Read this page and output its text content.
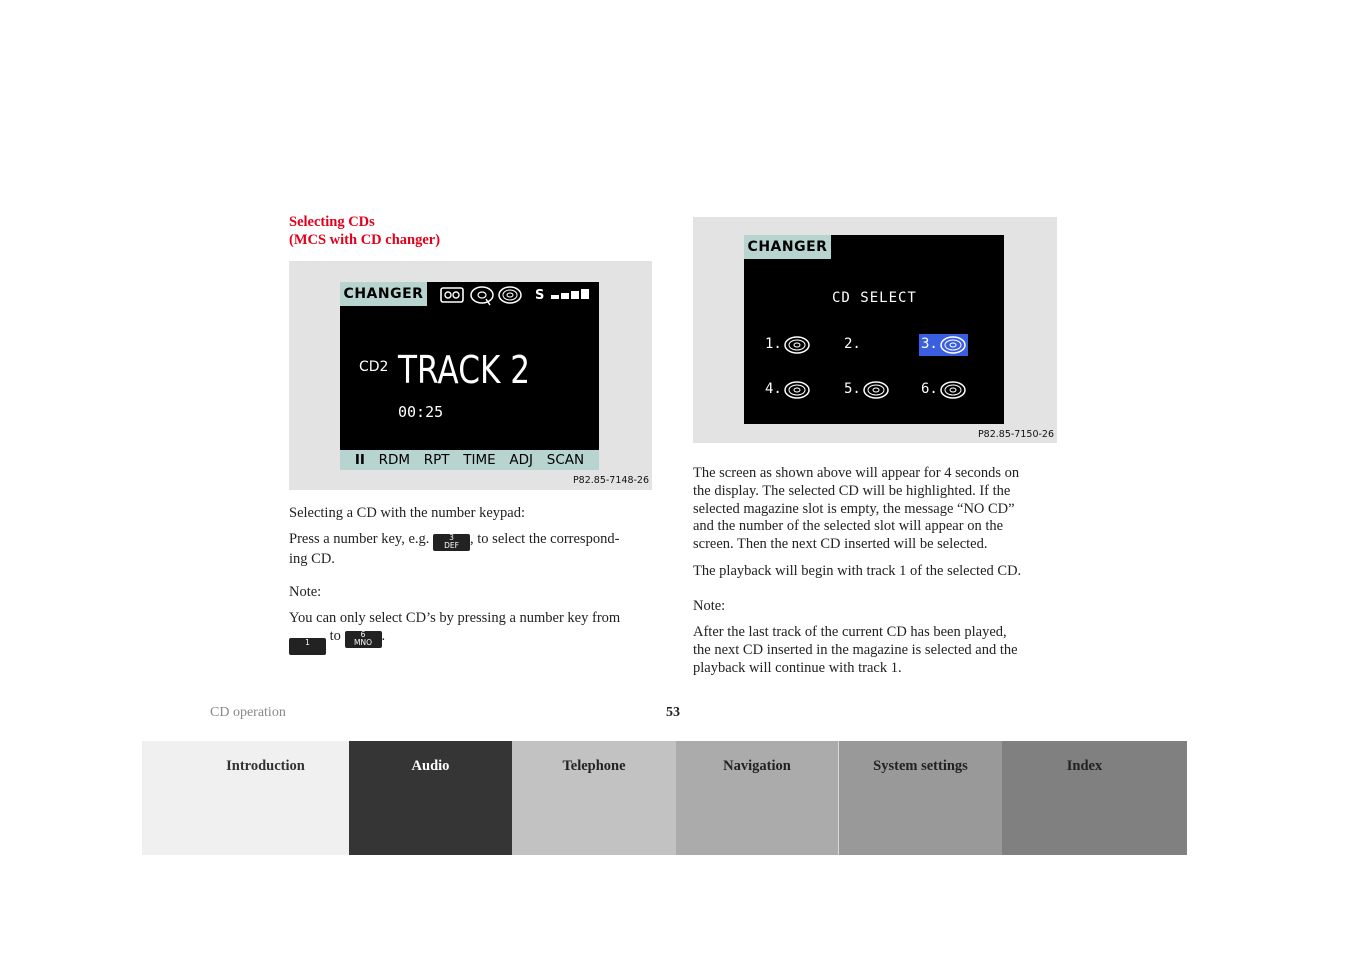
Selecting CDs
(MCS with CD changer)
CHANGER	S
CD2 TRACK 2
00:25
II RDM RPT TIME ADJ SCAN
P82.85-7148-26
CHANGER
CD SELECT
1.	2.	3.
4.	5.	6.
P82.85-7150-26
Selecting a CD with the number keypad:
Press a number key, e.g.	3
DEF , to select the correspond-
ing CD.
Note:
You can only select CD’s by pressing a number key from
1 to	6
MNO .
The screen as shown above will appear for 4 seconds on
the display. The selected CD will be highlighted. If the
selected magazine slot is empty, the message “NO CD”
and the number of the selected slot will appear on the
screen. Then the next CD inserted will be selected.
The playback will begin with track 1 of the selected CD.
Note:
After the last track of the current CD has been played,
the next CD inserted in the magazine is selected and the
playback will continue with track 1.
CD operation	53
Introduction	Audio	Telephone	Navigation	System settings	Index
